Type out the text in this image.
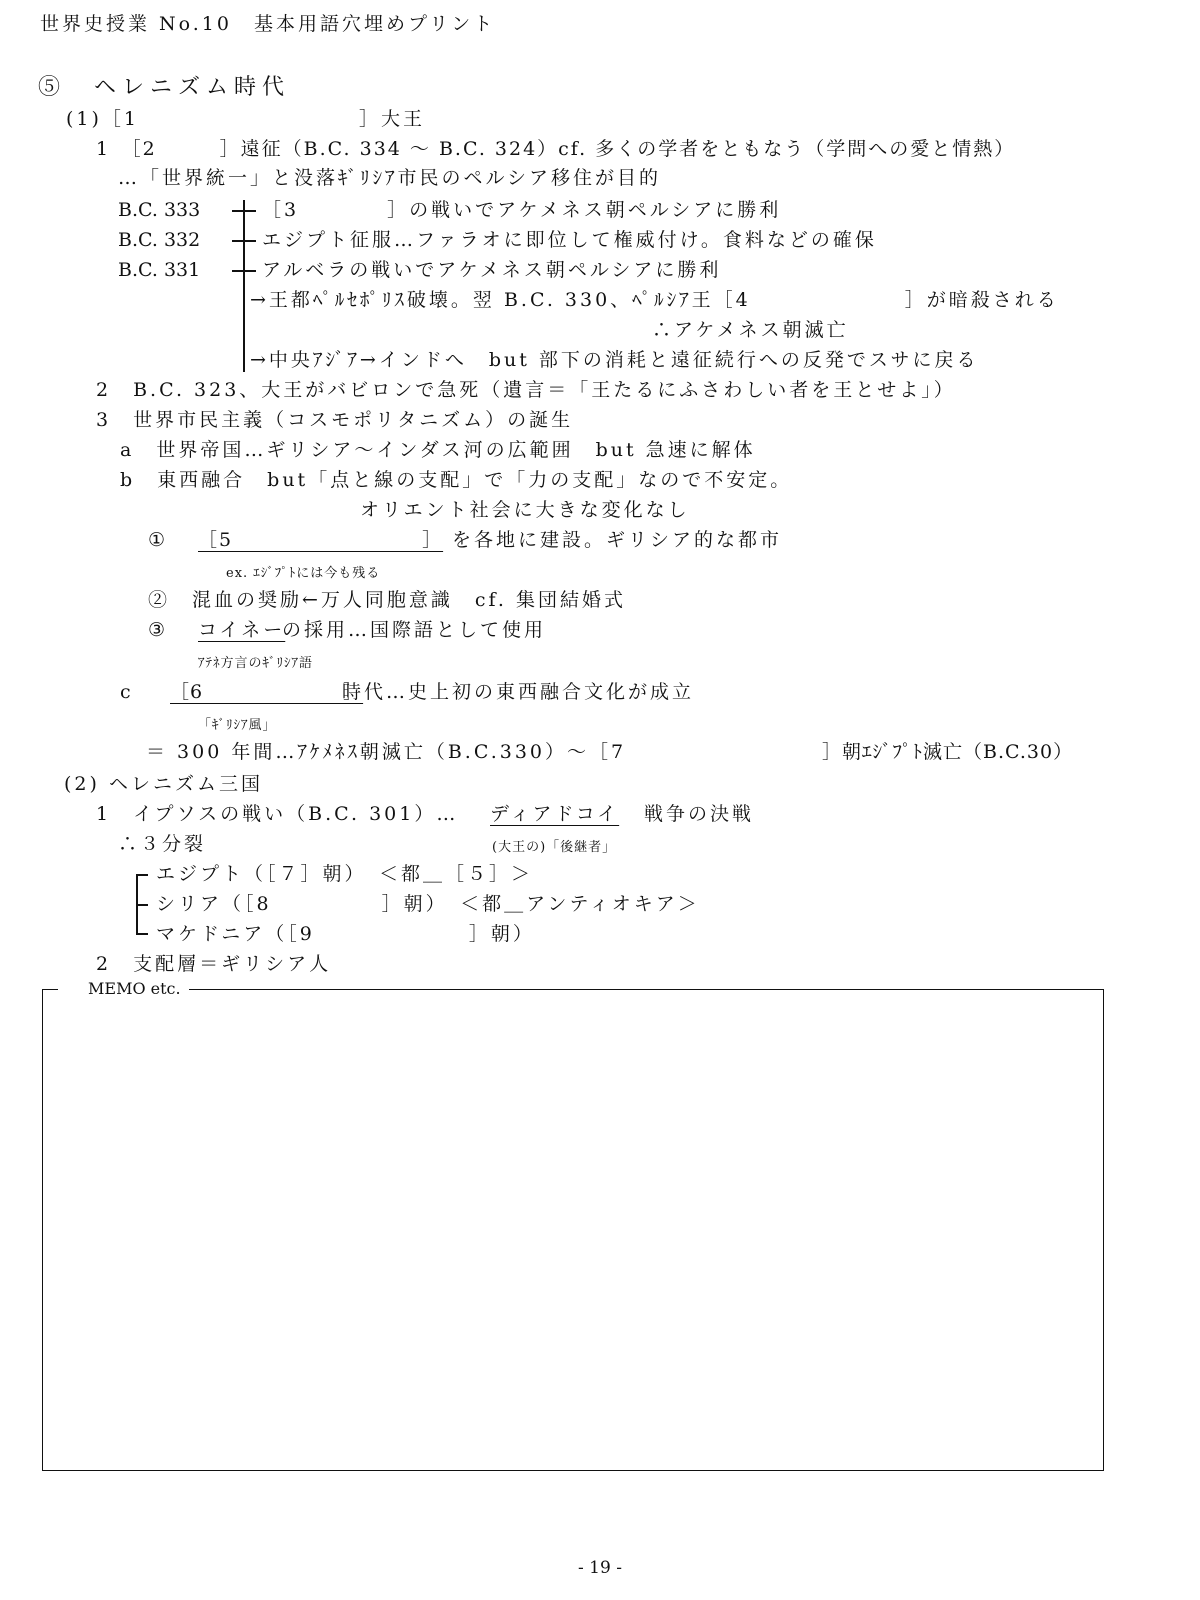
世界史授業 No.10　基本用語穴埋めプリント
⑤　ヘレニズム時代
(1)［1　　　　　　　　　　］大王
1　［2　　　］遠征（B.C. 334 ～ B.C. 324）cf. 多くの学者をともなう（学問への愛と情熱）
…「世界統一」と没落ｷﾞﾘｼｱ市民のペルシア移住が目的
B.C. 333	［3　　　　］の戦いでアケメネス朝ペルシアに勝利
B.C. 332	エジプト征服…ファラオに即位して権威付け。食料などの確保
B.C. 331	アルベラの戦いでアケメネス朝ペルシアに勝利
→王都ﾍﾟﾙｾﾎﾟﾘｽ破壊。翌 B.C. 330、ﾍﾟﾙｼｱ王［4　　　　　　　］が暗殺される
∴アケメネス朝滅亡
→中央ｱｼﾞｱ→インドへ　but 部下の消耗と遠征続行への反発でスサに戻る
2　B.C. 323、大王がバビロンで急死（遺言＝「王たるにふさわしい者を王とせよ」）
3　世界市民主義（コスモポリタニズム）の誕生
a　世界帝国…ギリシア～インダス河の広範囲　but 急速に解体
b　東西融合　but「点と線の支配」で「力の支配」なので不安定。
オリエント社会に大きな変化なし
① ［5　　　　　　　　　］ を各地に建設。ギリシア的な都市
ex. ｴｼﾞﾌﾟﾄには今も残る
②　混血の奨励←万人同胞意識　cf. 集団結婚式
③ コイネー
の採用…国際語として使用
ｱﾃﾈ方言のｷﾞﾘｼｱ語
c ［6　　　　　　　］
時代…史上初の東西融合文化が成立
「ｷﾞﾘｼｱ風」
＝ 300 年間…ｱｹﾒﾈｽ朝滅亡（B.C.330）～［7	］朝ｴｼﾞﾌﾟﾄ滅亡（B.C.30）
(2) ヘレニズム三国
1　イプソスの戦い（B.C. 301）… ディアドコイ 戦争の決戦
(大王の)「後継者」
∴３分裂
エジプト（［７］朝）　＜都＿［５］＞
シリア（［8　　　　　］朝）　＜都＿アンティオキア＞
マケドニア（［9　　　　　　　］朝）
2　支配層＝ギリシア人
MEMO etc.
- 19 -
